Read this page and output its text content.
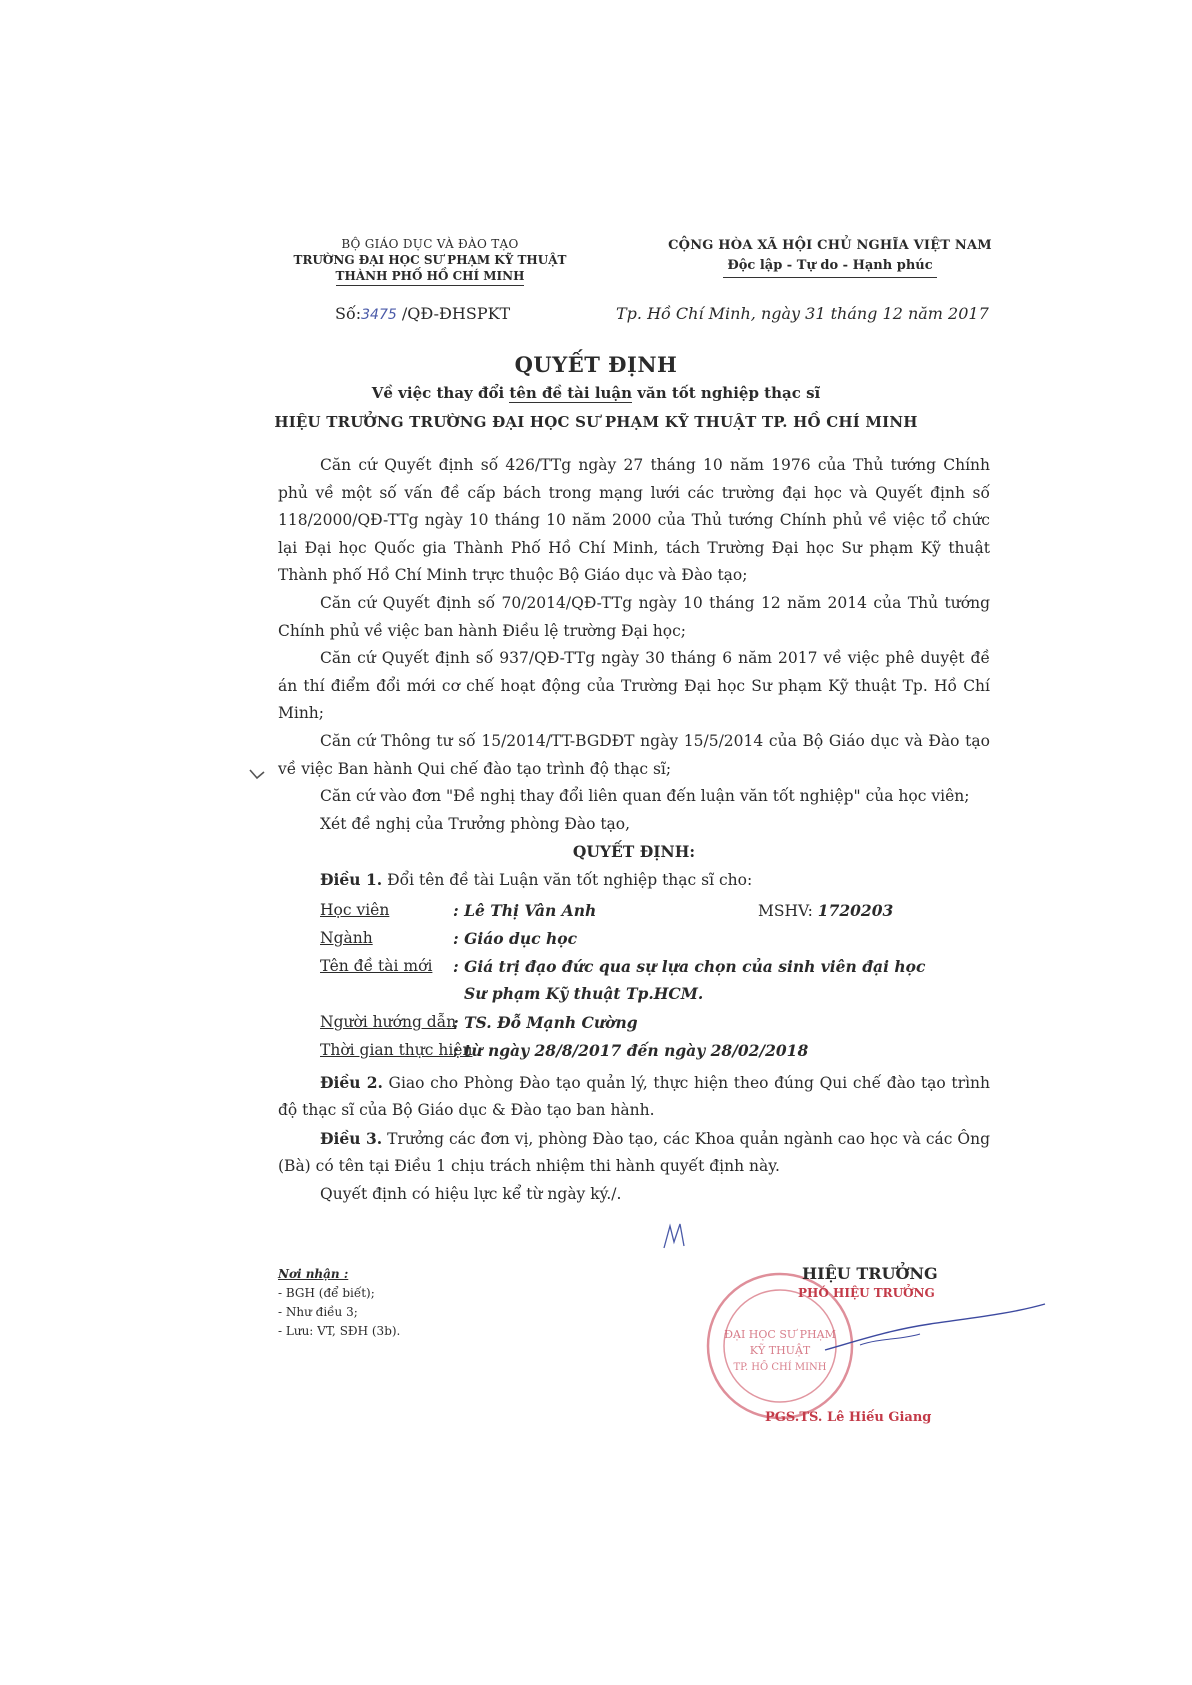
BỘ GIÁO DỤC VÀ ĐÀO TẠO
TRƯỜNG ĐẠI HỌC SƯ PHẠM KỸ THUẬT
THÀNH PHỐ HỒ CHÍ MINH
CỘNG HÒA XÃ HỘI CHỦ NGHĨA VIỆT NAM
Độc lập - Tự do - Hạnh phúc
Số:3475 /QĐ-ĐHSPKT	Tp. Hồ Chí Minh, ngày 31 tháng 12 năm 2017
QUYẾT ĐỊNH
Về việc thay đổi tên đề tài luận văn tốt nghiệp thạc sĩ
HIỆU TRƯỞNG TRƯỜNG ĐẠI HỌC SƯ PHẠM KỸ THUẬT TP. HỒ CHÍ MINH

Căn cứ Quyết định số 426/TTg ngày 27 tháng 10 năm 1976 của Thủ tướng Chính phủ về một số vấn đề cấp bách trong mạng lưới các trường đại học và Quyết định số 118/2000/QĐ-TTg ngày 10 tháng 10 năm 2000 của Thủ tướng Chính phủ về việc tổ chức lại Đại học Quốc gia Thành Phố Hồ Chí Minh, tách Trường Đại học Sư phạm Kỹ thuật Thành phố Hồ Chí Minh trực thuộc Bộ Giáo dục và Đào tạo;

Căn cứ Quyết định số 70/2014/QĐ-TTg ngày 10 tháng 12 năm 2014 của Thủ tướng Chính phủ về việc ban hành Điều lệ trường Đại học;

Căn cứ Quyết định số 937/QĐ-TTg ngày 30 tháng 6 năm 2017 về việc phê duyệt đề án thí điểm đổi mới cơ chế hoạt động của Trường Đại học Sư phạm Kỹ thuật Tp. Hồ Chí Minh;

Căn cứ Thông tư số 15/2014/TT-BGDĐT ngày 15/5/2014 của Bộ Giáo dục và Đào tạo về việc Ban hành Qui chế đào tạo trình độ thạc sĩ;

Căn cứ vào đơn "Đề nghị thay đổi liên quan đến luận văn tốt nghiệp" của học viên;

Xét đề nghị của Trưởng phòng Đào tạo,

QUYẾT ĐỊNH:

Điều 1. Đổi tên đề tài Luận văn tốt nghiệp thạc sĩ cho:

Học viên	: Lê Thị Vân Anh	MSHV: 1720203
Ngành	: Giáo dục học
Tên đề tài mới : Giá trị đạo đức qua sự lựa chọn của sinh viên đại học
Sư phạm Kỹ thuật Tp.HCM.
Người hướng dẫn
: TS. Đỗ Mạnh Cường
Thời gian thực hiện
: từ ngày 28/8/2017 đến ngày 28/02/2018

Điều 2. Giao cho Phòng Đào tạo quản lý, thực hiện theo đúng Qui chế đào tạo trình độ thạc sĩ của Bộ Giáo dục & Đào tạo ban hành.

Điều 3. Trưởng các đơn vị, phòng Đào tạo, các Khoa quản ngành cao học và các Ông (Bà) có tên tại Điều 1 chịu trách nhiệm thi hành quyết định này.

Quyết định có hiệu lực kể từ ngày ký./.

Nơi nhận :
- BGH (để biết);
- Như điều 3;
- Lưu: VT, SĐH (3b).	ĐẠI HỌC SƯ PHẠM
KỸ THUẬT
TP. HỒ CHÍ MINH
HIỆU TRƯỞNG
PHÓ HIỆU TRƯỞNG
PGS.TS. Lê Hiếu Giang
